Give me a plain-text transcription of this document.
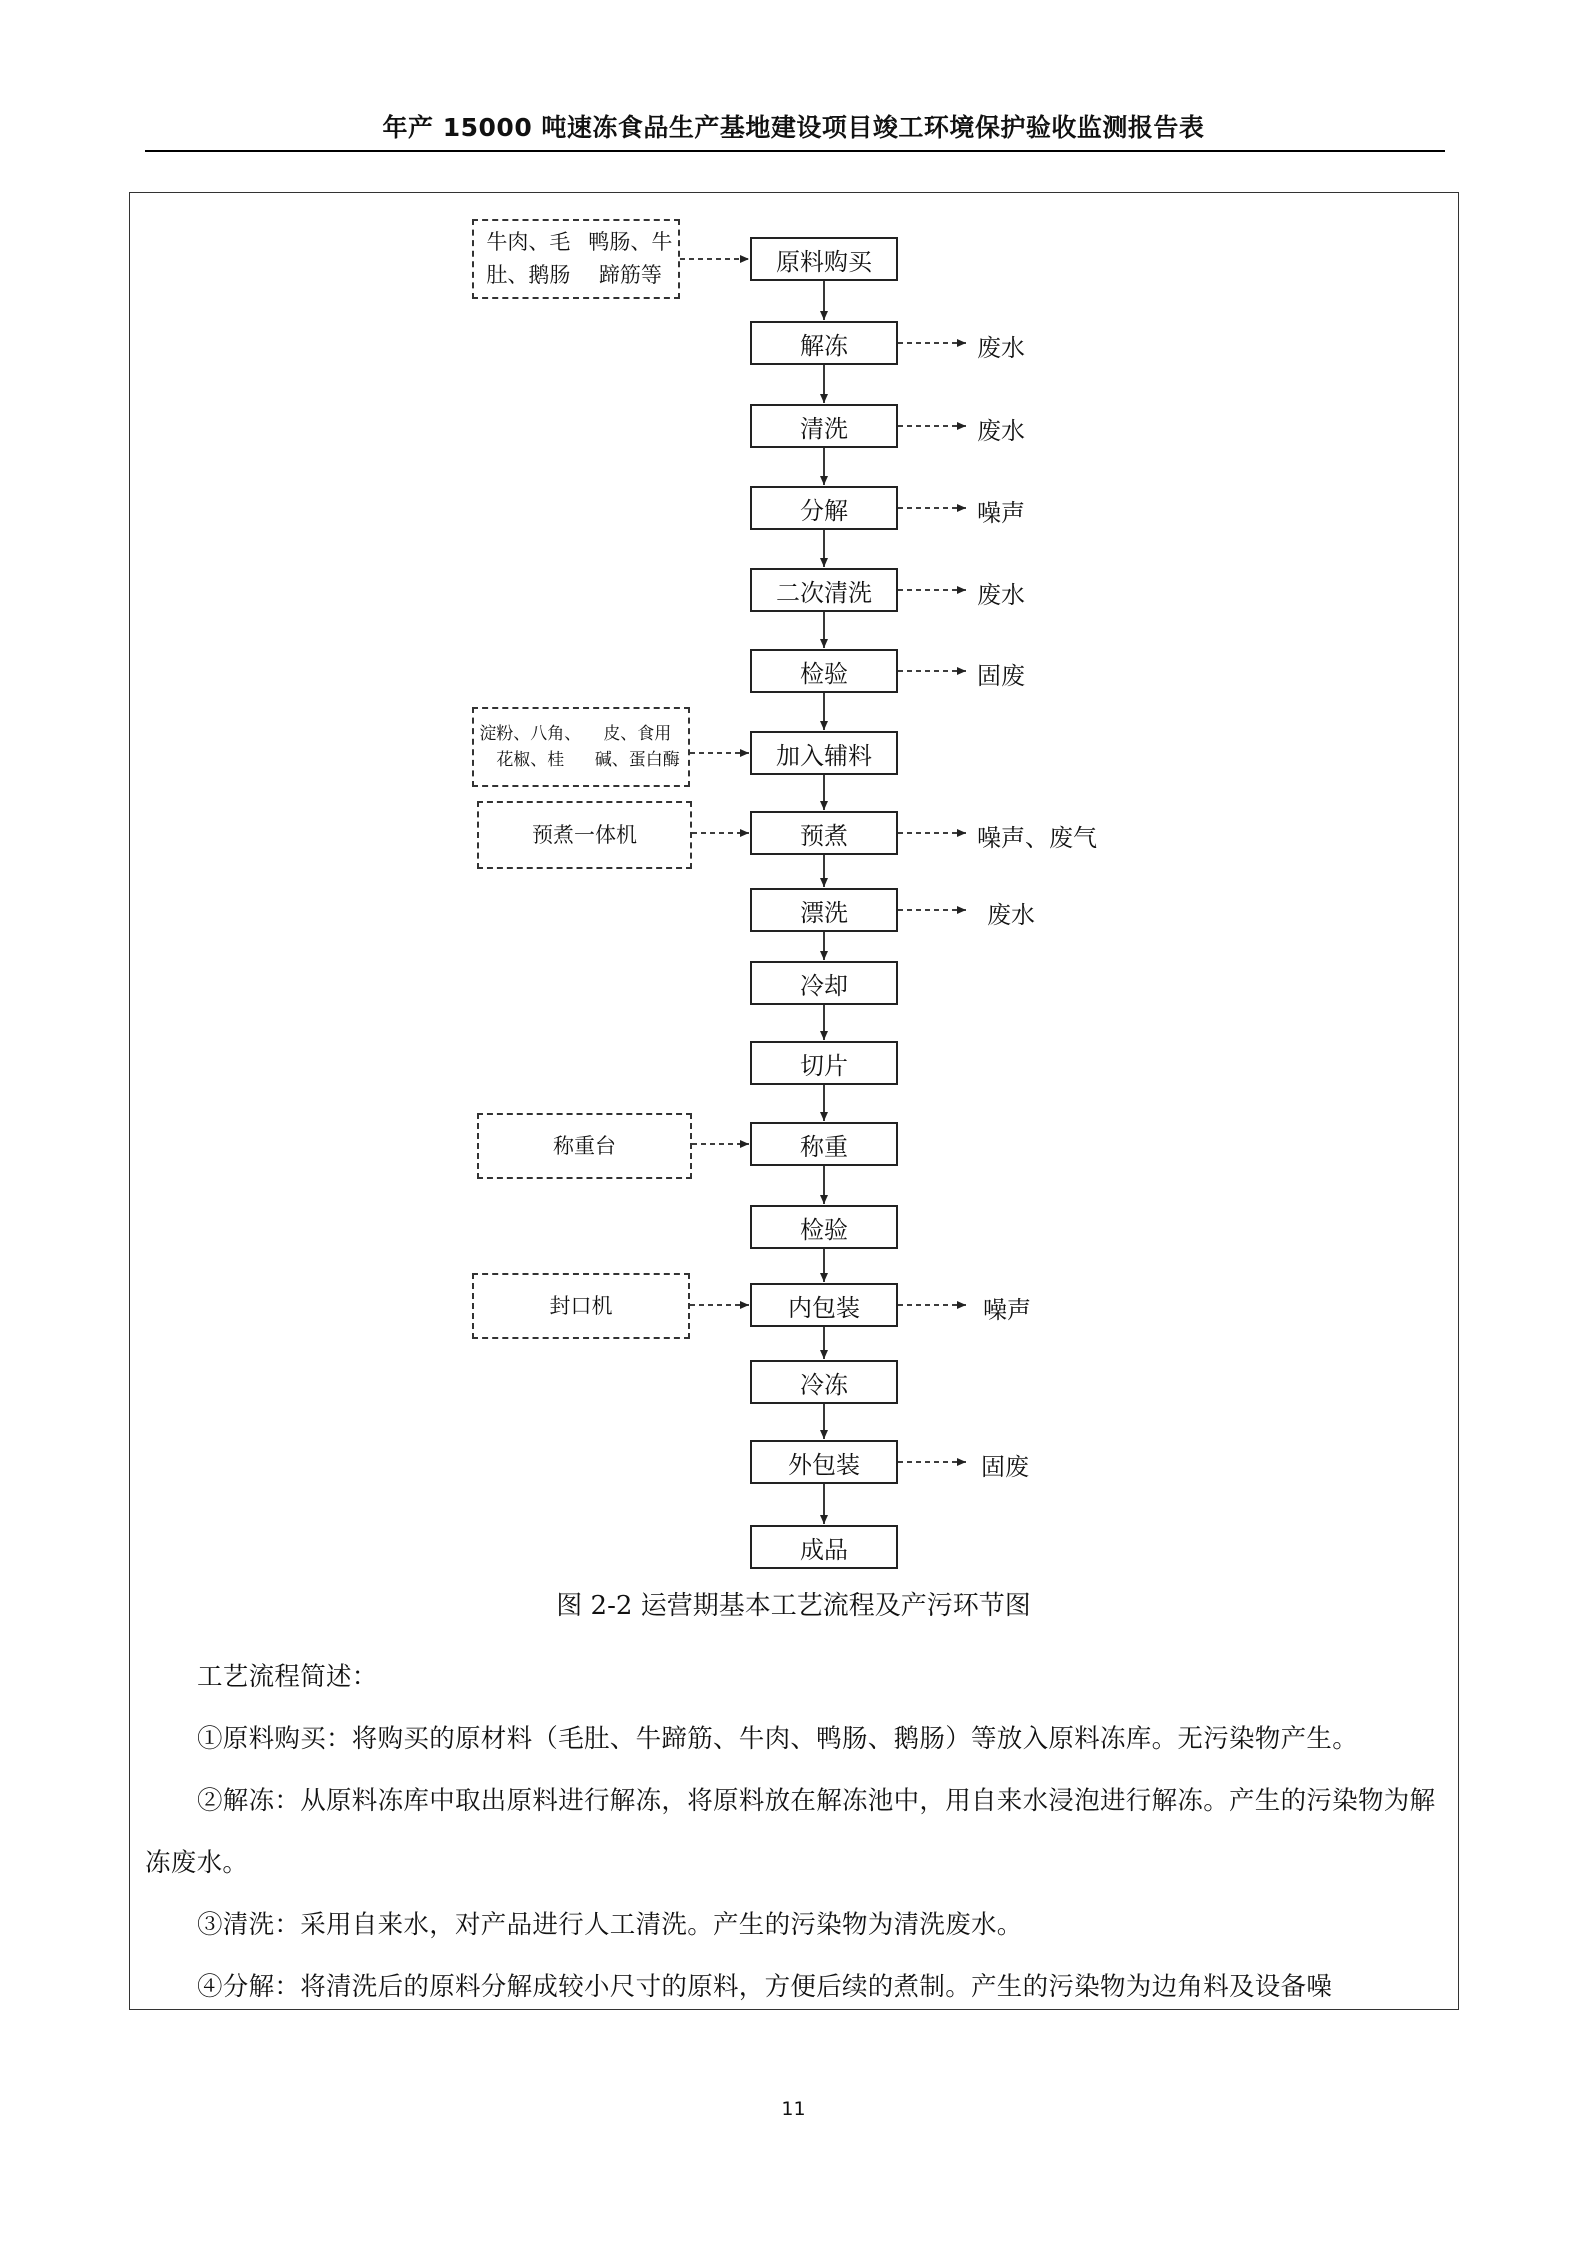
年产 15000 吨速冻食品生产基地建设项目竣工环境保护验收监测报告表
原料购买
解冻
清洗
分解
二次清洗
检验
加入辅料
预煮
漂洗
冷却
切片
称重
检验
内包装
冷冻
外包装
成品
牛肉、毛肚、鹅肠

鸭肠、牛蹄筋等
淀粉、八角、花椒、桂

皮、食用碱、蛋白酶
预煮一体机
称重台
封口机
废水
废水
噪声
废水
固废
噪声、废气
废水
噪声
固废
图 2-2 运营期基本工艺流程及产污环节图
工艺流程简述：
①原料购买：将购买的原材料（毛肚、牛蹄筋、牛肉、鸭肠、鹅肠）等放入原料冻库。无污染物产生。
②解冻：从原料冻库中取出原料进行解冻，将原料放在解冻池中，用自来水浸泡进行解冻。产生的污染物为解冻废水。
③清洗：采用自来水，对产品进行人工清洗。产生的污染物为清洗废水。
④分解：将清洗后的原料分解成较小尺寸的原料，方便后续的煮制。产生的污染物为边角料及设备噪
11
